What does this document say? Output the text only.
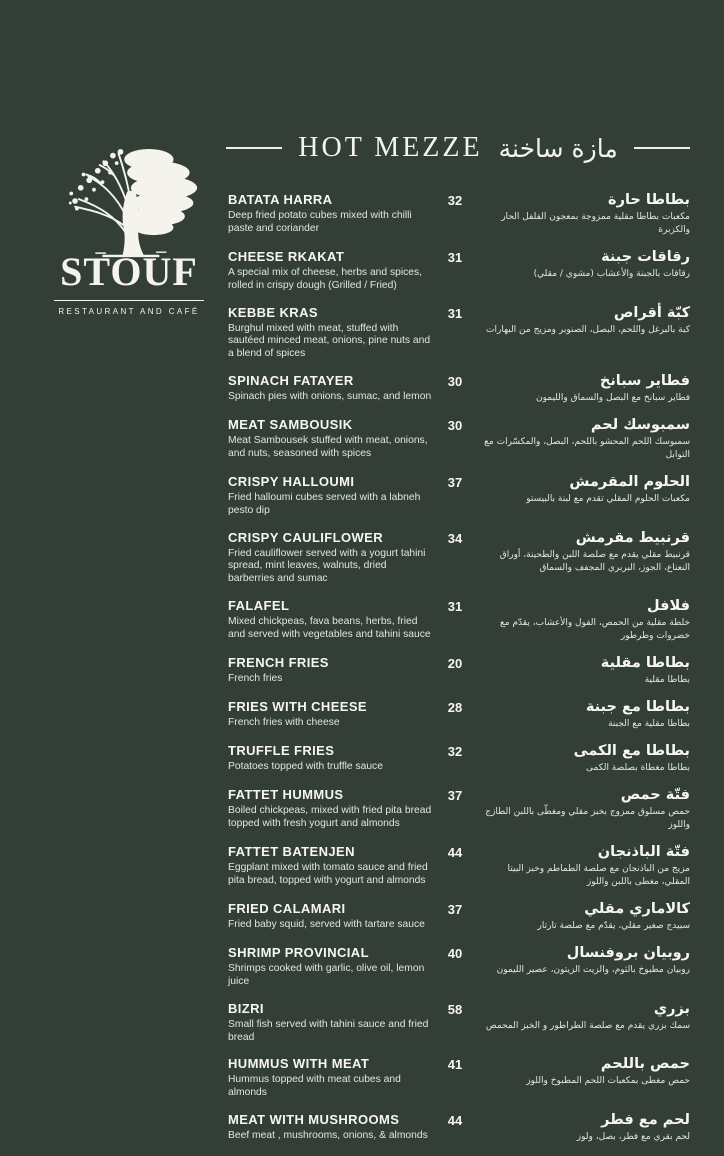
STOUF
RESTAURANT AND CAFÉ
HOT MEZZE مازة ساخنة
BATATA HARRA

Deep fried potato cubes mixed with chilli paste and coriander

32	بطاطا حارة

مكعبات بطاطا مقلية ممزوجة بمعجون الفلفل الحار والكزبرة

CHEESE RKAKAT

A special mix of cheese, herbs and spices, rolled in crispy dough (Grilled / Fried)

31	رقاقات جبنة

رقاقات بالجبنة والأعشاب (مشوي / مقلي)

KEBBE KRAS

Burghul mixed with meat, stuffed with sautéed minced meat, onions, pine nuts and a blend of spices

31	كبّة أقراص

كبة بالبرغل واللحم، البصل، الصنوبر ومزيج من البهارات

SPINACH FATAYER

Spinach pies with onions, sumac, and lemon

30	فطاير سبانخ

فطاير سبانخ مع البصل والسماق والليمون

MEAT SAMBOUSIK

Meat Sambousek stuffed with meat, onions, and nuts, seasoned with spices

30	سمبوسك لحم

سمبوسك اللحم المحشو باللحم، البصل، والمكسّرات مع التوابل

CRISPY HALLOUMI

Fried halloumi cubes served with a labneh pesto dip

37	الحلوم المقرمش

مكعبات الحلوم المقلي تقدم مع لبنة بالبيستو

CRISPY CAULIFLOWER

Fried cauliflower served with a yogurt tahini spread, mint leaves, walnuts, dried barberries and sumac

34	قرنبيط مقرمش

قرنبيط مقلي يقدم مع صلصة اللبن والطحينة، أوراق النعناع، الجوز، البربري المجفف والسماق

FALAFEL

Mixed chickpeas, fava beans, herbs, fried and served with vegetables and tahini sauce

31	فلافل

خلطة مقلية من الحمص، الفول والأعشاب، يقدّم مع خضروات وطرطور

FRENCH FRIES

French fries

20	بطاطا مقلية

بطاطا مقلية

FRIES WITH CHEESE

French fries with cheese

28	بطاطا مع جبنة

بطاطا مقلية مع الجبنة

TRUFFLE FRIES

Potatoes topped with truffle sauce

32	بطاطا مع الكمى

بطاطا مغطاة بصلصة الكمى

FATTET HUMMUS

Boiled chickpeas, mixed with fried pita bread topped with fresh yogurt and almonds

37	فتّة حمص

حمص مسلوق ممزوج بخبز مقلي ومغطّى باللبن الطازج واللوز

FATTET BATENJEN

Eggplant mixed with tomato sauce and fried pita bread, topped with yogurt and almonds

44	فتّة الباذنجان

مزيج من الباذنجان مع صلصة الطماطم وخبز البيتا المقلي، مغطى باللبن واللوز

FRIED CALAMARI

Fried baby squid, served with tartare sauce

37	كالاماري مقلي

سبيدج صغير مقلي، يقدّم مع صلصة تارتار

SHRIMP PROVINCIAL

Shrimps cooked with garlic, olive oil, lemon juice

40	روبيان بروفنسال

روبيان مطبوخ بالثوم، والزيت الزيتون، عصير الليمون

BIZRI

Small fish served with tahini sauce and fried bread

58	بزري

سمك بزري يقدم مع صلصة الطراطور و الخبز المحمص

HUMMUS WITH MEAT

Hummus topped with meat cubes and almonds

41	حمص باللحم

حمص مغطى بمكعبات اللحم المطبوخ واللوز

MEAT WITH MUSHROOMS

Beef meat , mushrooms, onions, & almonds

44	لحم مع فطر

لحم بقري مع فطر، بصل، ولوز
